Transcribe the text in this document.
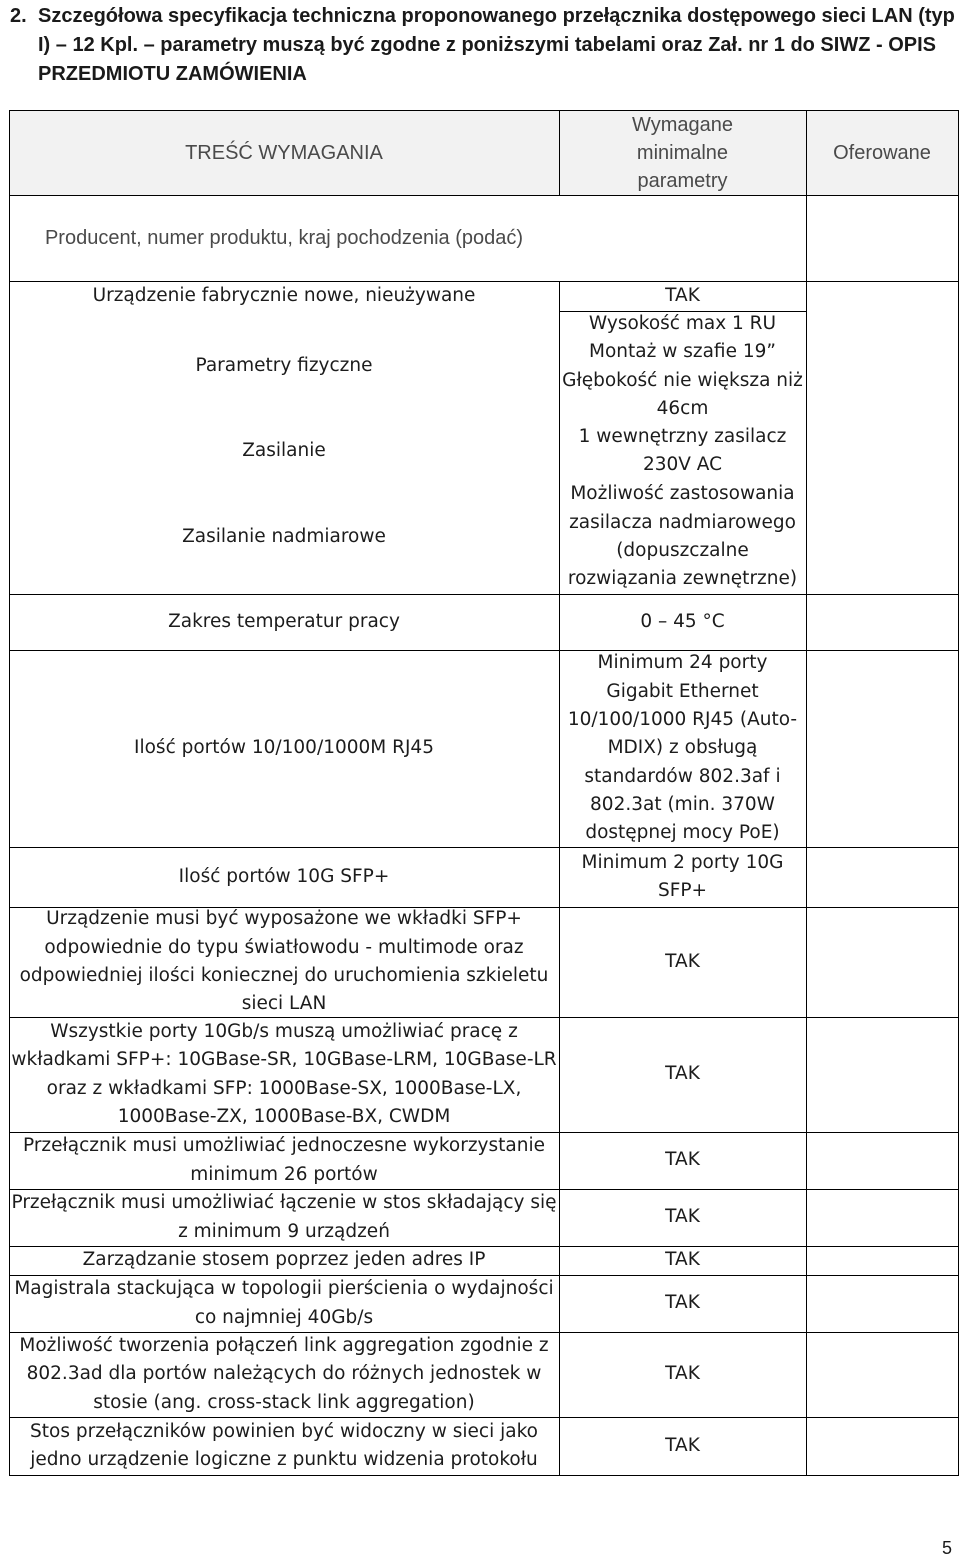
2. Szczegółowa specyfikacja techniczna proponowanego przełącznika dostępowego sieci LAN (typ
I) – 12 Kpl. – parametry muszą być zgodne z poniższymi tabelami oraz Zał. nr 1 do SIWZ - OPIS
PRZEDMIOTU ZAMÓWIENIA
TREŚĆ WYMAGANIA
Wymagane
minimalne
parametry
Oferowane
Producent, numer produktu, kraj pochodzenia (podać)
Urządzenie fabrycznie nowe, nieużywane
Parametry fizyczne
Zasilanie
Zasilanie nadmiarowe
Zakres temperatur pracy
Ilość portów 10/100/1000M RJ45
Ilość portów 10G SFP+
Urządzenie musi być wyposażone we wkładki SFP+
odpowiednie do typu światłowodu - multimode oraz
odpowiedniej ilości koniecznej do uruchomienia szkieletu
sieci LAN
Wszystkie porty 10Gb/s muszą umożliwiać pracę z
wkładkami SFP+: 10GBase-SR, 10GBase-LRM, 10GBase-LR
oraz z wkładkami SFP: 1000Base-SX, 1000Base-LX,
1000Base-ZX, 1000Base-BX, CWDM
Przełącznik musi umożliwiać jednoczesne wykorzystanie
minimum 26 portów
Przełącznik musi umożliwiać łączenie w stos składający się
z minimum 9 urządzeń
Zarządzanie stosem poprzez jeden adres IP
Magistrala stackująca w topologii pierścienia o wydajności
co najmniej 40Gb/s
Możliwość tworzenia połączeń link aggregation zgodnie z
802.3ad dla portów należących do różnych jednostek w
stosie (ang. cross-stack link aggregation)
Stos przełączników powinien być widoczny w sieci jako
jedno urządzenie logiczne z punktu widzenia protokołu
TAK
Wysokość max 1 RU
Montaż w szafie 19”
Głębokość nie większa niż
46cm
1 wewnętrzny zasilacz
230V AC
Możliwość zastosowania
zasilacza nadmiarowego
(dopuszczalne
rozwiązania zewnętrzne)
0 – 45 °C
Minimum 24 porty
Gigabit Ethernet
10/100/1000 RJ45 (Auto-
MDIX) z obsługą
standardów 802.3af i
802.3at (min. 370W
dostępnej mocy PoE)
Minimum 2 porty 10G
SFP+
TAK
TAK
TAK
TAK
TAK
TAK
TAK
TAK
5
